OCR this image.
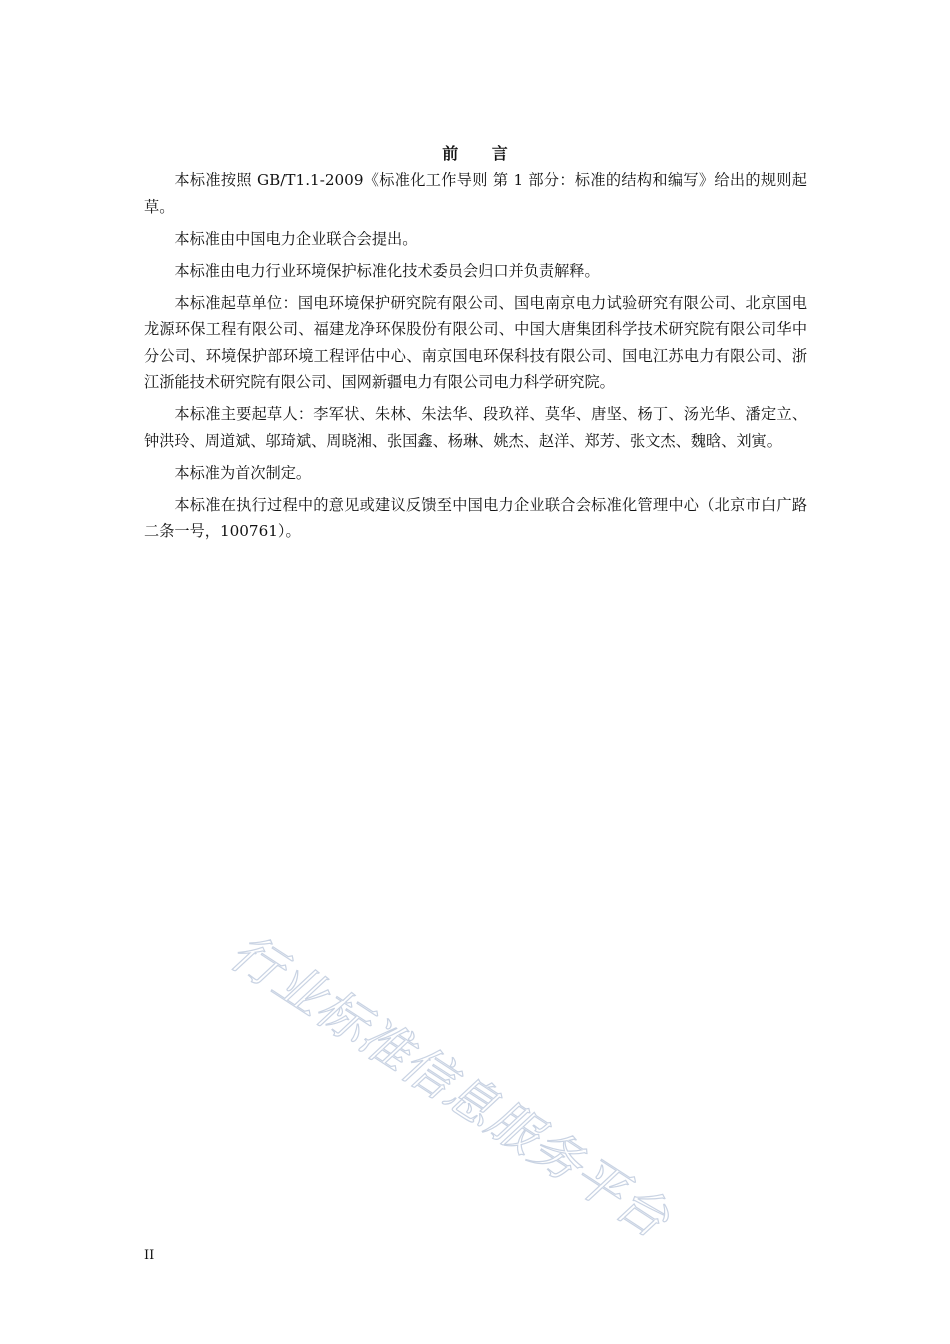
前 言

本标准按照 GB/T1.1-2009《标准化工作导则 第 1 部分：标准的结构和编写》给出的规则起草。

本标准由中国电力企业联合会提出。

本标准由电力行业环境保护标准化技术委员会归口并负责解释。

本标准起草单位：国电环境保护研究院有限公司、国电南京电力试验研究有限公司、北京国电龙源环保工程有限公司、福建龙净环保股份有限公司、中国大唐集团科学技术研究院有限公司华中分公司、环境保护部环境工程评估中心、南京国电环保科技有限公司、国电江苏电力有限公司、浙江浙能技术研究院有限公司、国网新疆电力有限公司电力科学研究院。

本标准主要起草人：李军状、朱林、朱法华、段玖祥、莫华、唐坚、杨丁、汤光华、潘定立、钟洪玲、周道斌、邬琦斌、周晓湘、张国鑫、杨琳、姚杰、赵洋、郑芳、张文杰、魏晗、刘寅。

本标准为首次制定。

本标准在执行过程中的意见或建议反馈至中国电力企业联合会标准化管理中心（北京市白广路二条一号，100761）。

行业标准信息服务平台
II
